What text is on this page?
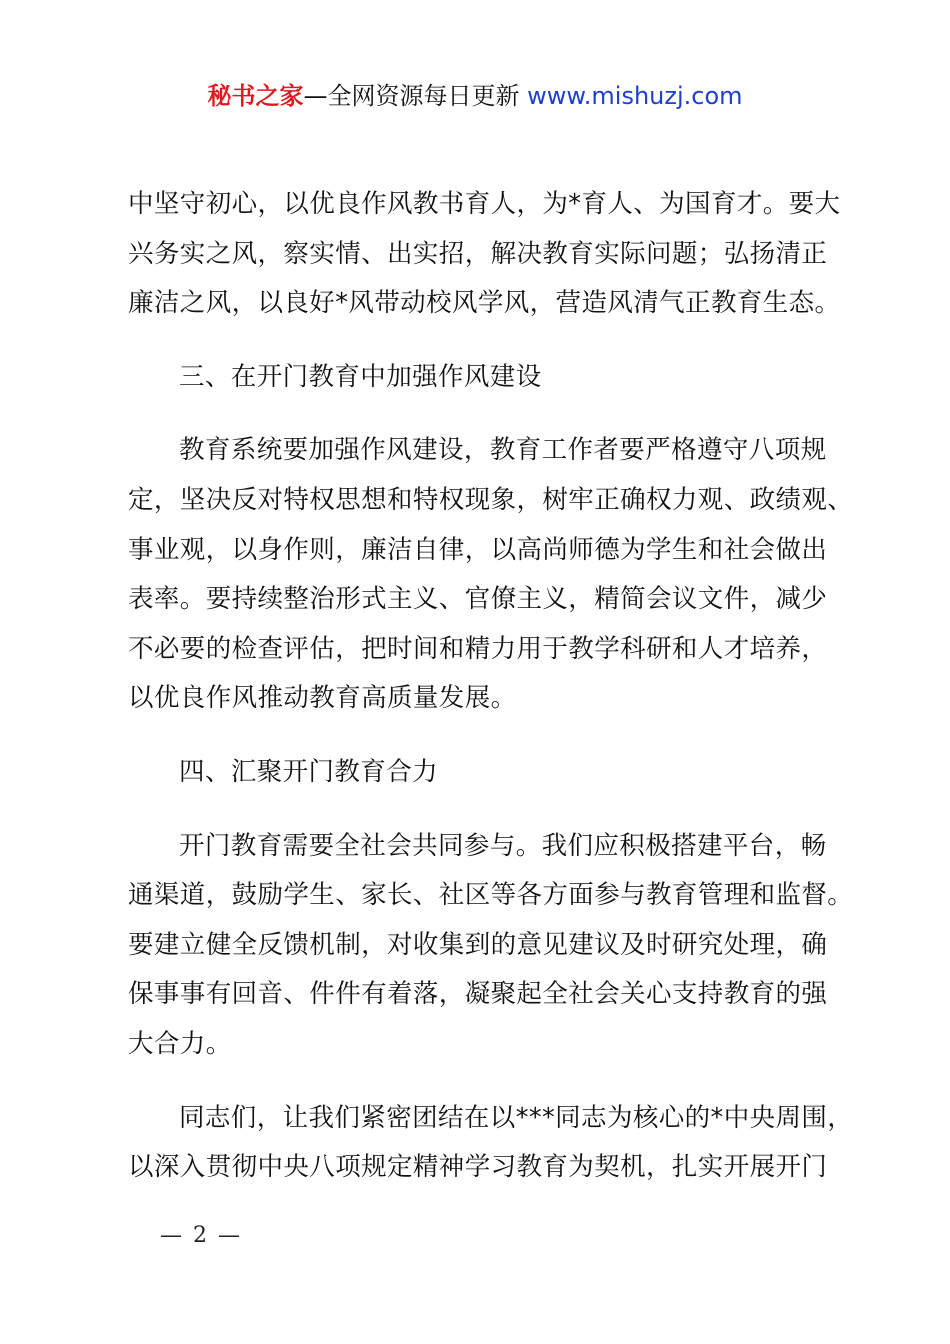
秘书之家—全网资源每日更新 www.mishuzj.com
中坚守初心，以优良作风教书育人，为*育人、为国育才。要大
兴务实之风，察实情、出实招，解决教育实际问题；弘扬清正
廉洁之风，以良好*风带动校风学风，营造风清气正教育生态。
三、在开门教育中加强作风建设
教育系统要加强作风建设，教育工作者要严格遵守八项规
定，坚决反对特权思想和特权现象，树牢正确权力观、政绩观、
事业观，以身作则，廉洁自律，以高尚师德为学生和社会做出
表率。要持续整治形式主义、官僚主义，精简会议文件，减少
不必要的检查评估，把时间和精力用于教学科研和人才培养，
以优良作风推动教育高质量发展。
四、汇聚开门教育合力
开门教育需要全社会共同参与。我们应积极搭建平台，畅
通渠道，鼓励学生、家长、社区等各方面参与教育管理和监督。
要建立健全反馈机制，对收集到的意见建议及时研究处理，确
保事事有回音、件件有着落，凝聚起全社会关心支持教育的强
大合力。
同志们，让我们紧密团结在以***同志为核心的*中央周围，
以深入贯彻中央八项规定精神学习教育为契机，扎实开展开门
— 2 —
